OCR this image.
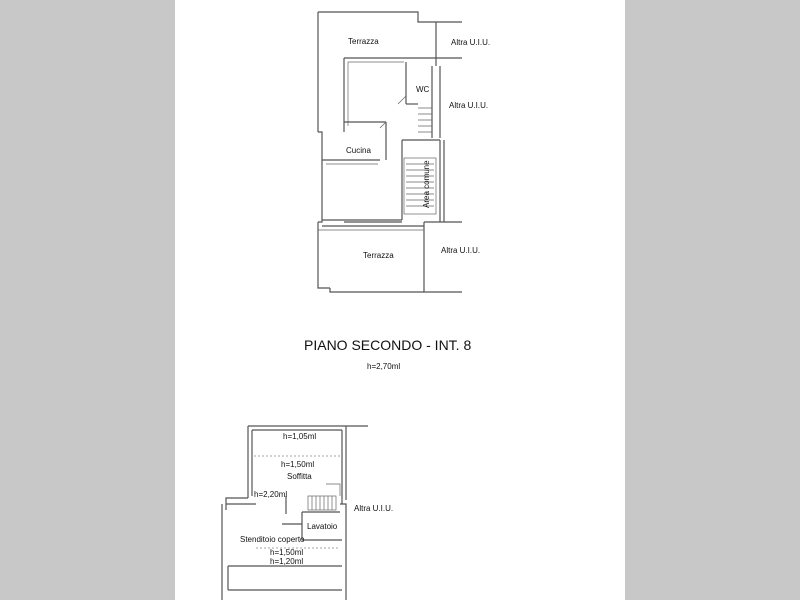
Terrazza	Altra U.I.U.
WC
Altra U.I.U.
Cucina
Area comune
Terrazza
Altra U.I.U.
PIANO SECONDO - INT. 8
h=2,70ml
h=1,05ml
h=1,50ml
Soffitta
h=2,20ml
Lavatoio
Stenditoio coperto
h=1,50ml
h=1,20ml
Altra U.I.U.
